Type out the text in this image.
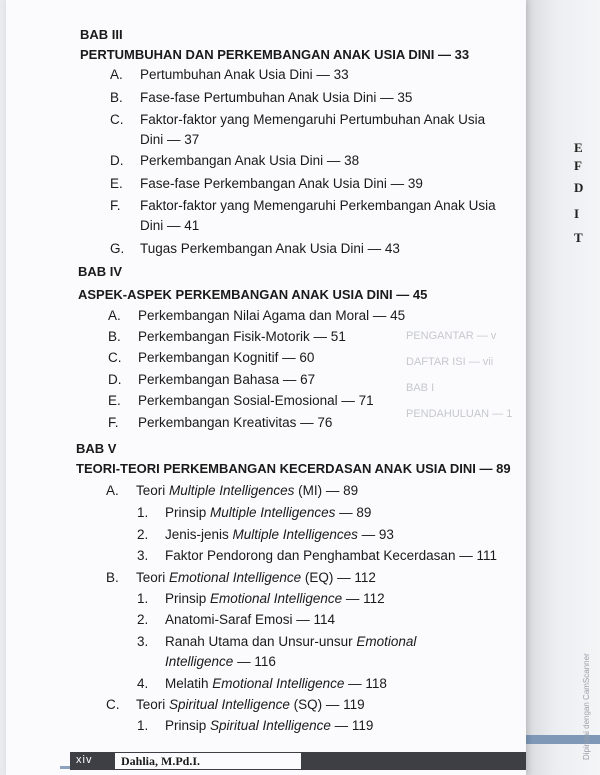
E
F
D
I
T
Dipindai dengan CamScanner
PENGANTAR — v
DAFTAR ISI — vii
BAB I
PENDAHULUAN — 1
BAB III
PERTUMBUHAN DAN PERKEMBANGAN ANAK USIA DINI — 33
A. Pertumbuhan Anak Usia Dini — 33
B. Fase-fase Pertumbuhan Anak Usia Dini — 35
C. Faktor-faktor yang Memengaruhi Pertumbuhan Anak Usia
Dini — 37
D. Perkembangan Anak Usia Dini — 38
E. Fase-fase Perkembangan Anak Usia Dini — 39
F. Faktor-faktor yang Memengaruhi Perkembangan Anak Usia
Dini — 41
G. Tugas Perkembangan Anak Usia Dini — 43
BAB IV
ASPEK-ASPEK PERKEMBANGAN ANAK USIA DINI — 45
A. Perkembangan Nilai Agama dan Moral — 45
B. Perkembangan Fisik-Motorik — 51
C. Perkembangan Kognitif — 60
D. Perkembangan Bahasa — 67
E. Perkembangan Sosial-Emosional — 71
F. Perkembangan Kreativitas — 76
BAB V
TEORI-TEORI PERKEMBANGAN KECERDASAN ANAK USIA DINI — 89
A. Teori Multiple Intelligences (MI) — 89
1. Prinsip Multiple Intelligences — 89
2. Jenis-jenis Multiple Intelligences — 93
3. Faktor Pendorong dan Penghambat Kecerdasan — 111
B. Teori Emotional Intelligence (EQ) — 112
1. Prinsip Emotional Intelligence — 112
2. Anatomi-Saraf Emosi — 114
3. Ranah Utama dan Unsur-unsur Emotional
Intelligence — 116
4. Melatih Emotional Intelligence — 118
C. Teori Spiritual Intelligence (SQ) — 119
1. Prinsip Spiritual Intelligence — 119
xiv	Dahlia, M.Pd.I.
